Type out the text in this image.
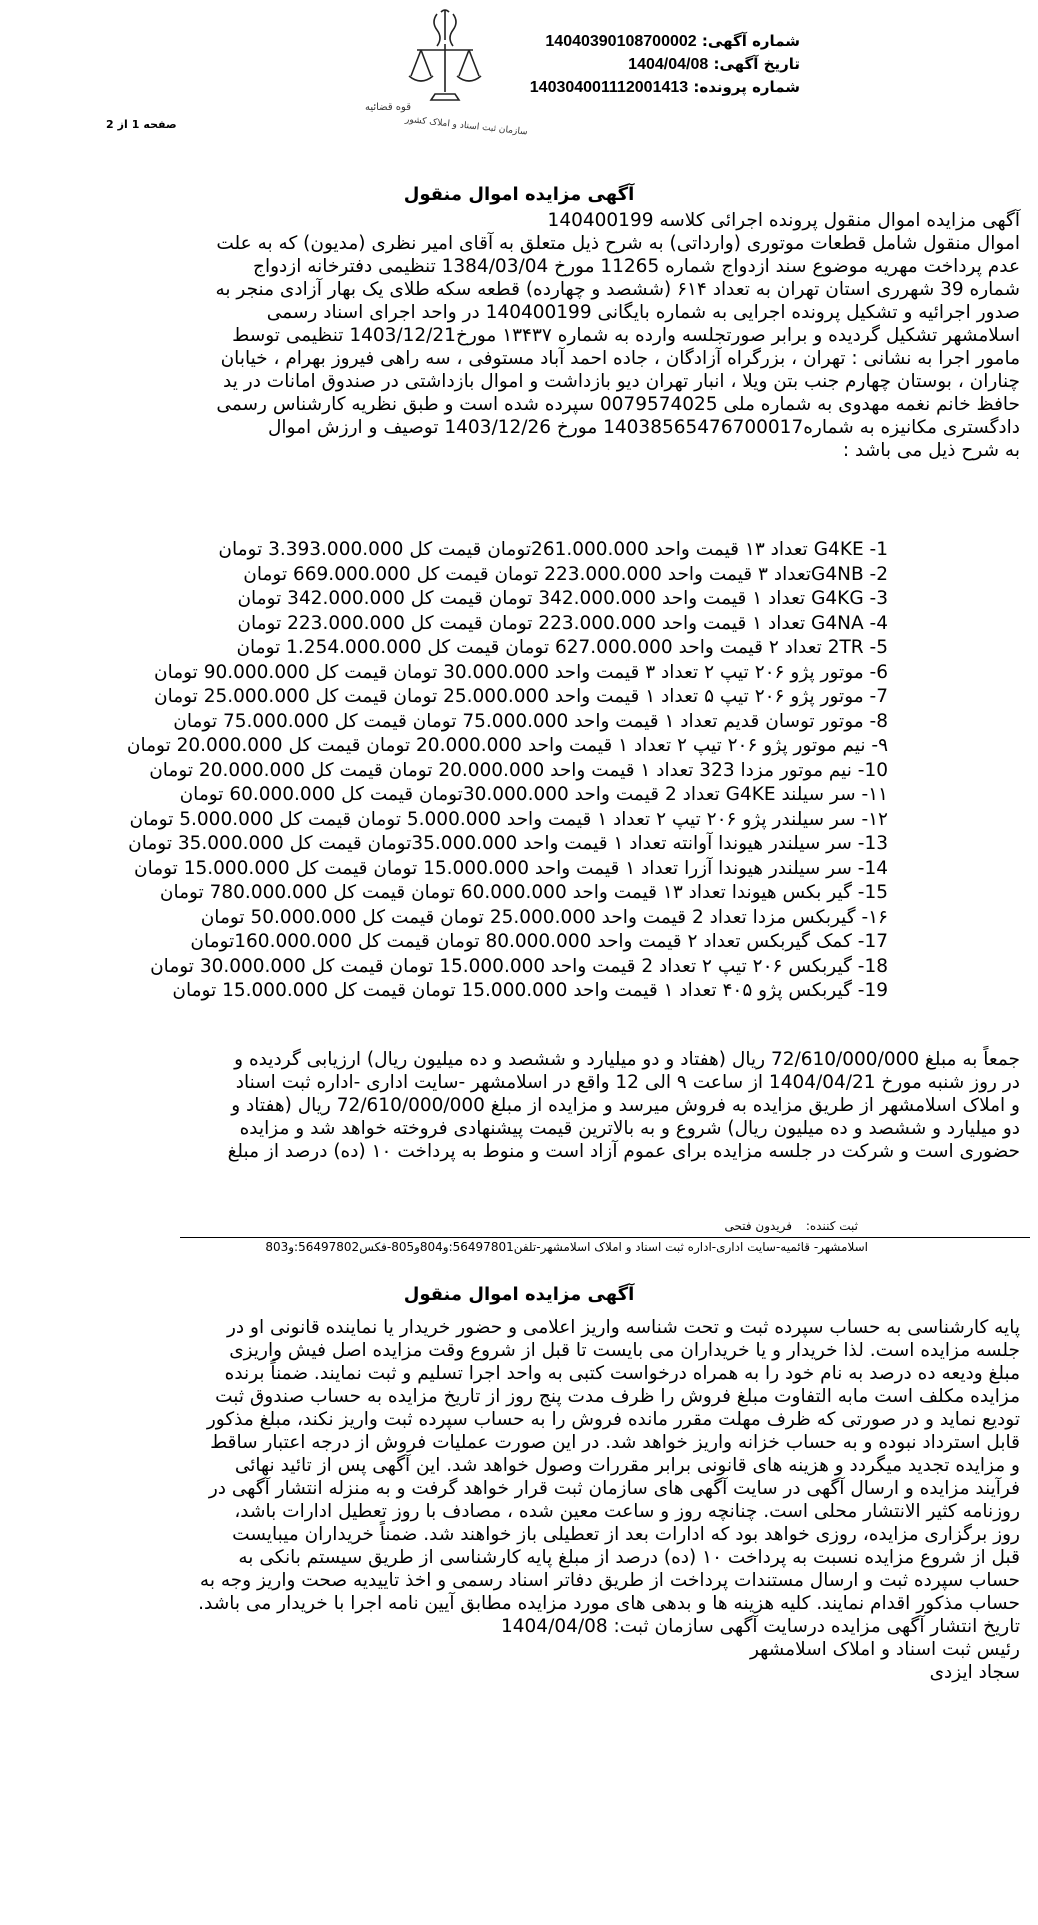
شماره آگهی: 14040390108700002
تاریخ آگهی: 1404/04/08
شماره پرونده: 140304001112001413
قوه قضائیه
سازمان ثبت اسناد و املاک کشور
صفحه1از2
آگهی مزایده اموال منقول
آگهی مزایده اموال منقول پرونده اجرائی کلاسه 140400199
اموال منقول شامل قطعات موتوری (وارداتی) به شرح ذیل متعلق به آقای امیر نظری (مدیون) که به علت
عدم پرداخت مهریه موضوع سند ازدواج شماره 11265 مورخ 1384/03/04 تنظیمی دفترخانه ازدواج
شماره 39 شهرری استان تهران به تعداد ۶۱۴ (ششصد و چهارده) قطعه سکه طلای یک بهار آزادی منجر به
صدور اجرائیه و تشکیل پرونده اجرایی به شماره بایگانی 140400199 در واحد اجرای اسناد رسمی
اسلامشهر تشکیل گردیده و برابر صورتجلسه وارده به شماره ۱۳۴۳۷ مورخ1403/12/21 تنظیمی توسط
مامور اجرا به نشانی : تهران ، بزرگراه آزادگان ، جاده احمد آباد مستوفی ، سه راهی فیروز بهرام ، خیابان
چناران ، بوستان چهارم جنب بتن ویلا ، انبار تهران دیو بازداشت و اموال بازداشتی در صندوق امانات در ید
حافظ خانم نغمه مهدوی به شماره ملی 0079574025 سپرده شده است و طبق نظریه کارشناس رسمی
دادگستری مکانیزه به شماره14038565476700017 مورخ 1403/12/26 توصیف و ارزش اموال
به شرح ذیل می باشد :
1- G4KE تعداد ۱۳ قیمت واحد 261.000.000تومان قیمت کل 3.393.000.000 تومان
2- G4NBتعداد ۳ قیمت واحد 223.000.000 تومان قیمت کل 669.000.000 تومان
3- G4KG تعداد ۱ قیمت واحد 342.000.000 تومان قیمت کل 342.000.000 تومان
4- G4NA تعداد ۱ قیمت واحد 223.000.000 تومان قیمت کل 223.000.000 تومان
5- 2TR تعداد ۲ قیمت واحد 627.000.000 تومان قیمت کل 1.254.000.000 تومان
6- موتور پژو ۲۰۶ تیپ ۲ تعداد ۳ قیمت واحد 30.000.000 تومان قیمت کل 90.000.000 تومان
7- موتور پژو ۲۰۶ تیپ ۵ تعداد ۱ قیمت واحد 25.000.000 تومان قیمت کل 25.000.000 تومان
8- موتور توسان قدیم تعداد ۱ قیمت واحد 75.000.000 تومان قیمت کل 75.000.000 تومان
۹- نیم موتور پژو ۲۰۶ تیپ ۲ تعداد ۱ قیمت واحد 20.000.000 تومان قیمت کل 20.000.000 تومان
10- نیم موتور مزدا 323 تعداد ۱ قیمت واحد 20.000.000 تومان قیمت کل 20.000.000 تومان
۱۱- سر سیلند G4KE تعداد 2 قیمت واحد 30.000.000تومان قیمت کل 60.000.000 تومان
۱۲- سر سیلندر پژو ۲۰۶ تیپ ۲ تعداد ۱ قیمت واحد 5.000.000 تومان قیمت کل 5.000.000 تومان
13- سر سیلندر هیوندا آوانته تعداد ۱ قیمت واحد 35.000.000تومان قیمت کل 35.000.000 تومان
14- سر سیلندر هیوندا آزرا تعداد ۱ قیمت واحد 15.000.000 تومان قیمت کل 15.000.000 تومان
15- گیر بکس هیوندا تعداد ۱۳ قیمت واحد 60.000.000 تومان قیمت کل 780.000.000 تومان
۱۶- گیربکس مزدا تعداد 2 قیمت واحد 25.000.000 تومان قیمت کل 50.000.000 تومان
17- کمک گیربکس تعداد ۲ قیمت واحد 80.000.000 تومان قیمت کل 160.000.000تومان
18- گیربکس ۲۰۶ تیپ ۲ تعداد 2 قیمت واحد 15.000.000 تومان قیمت کل 30.000.000 تومان
19- گیربکس پژو ۴۰۵ تعداد ۱ قیمت واحد 15.000.000 تومان قیمت کل 15.000.000 تومان
جمعاً به مبلغ 72/610/000/000 ریال (هفتاد و دو میلیارد و ششصد و ده میلیون ریال) ارزیابی گردیده و
در روز شنبه مورخ 1404/04/21 از ساعت ۹ الی 12 واقع در اسلامشهر -سایت اداری -اداره ثبت اسناد
و املاک اسلامشهر از طریق مزایده به فروش میرسد و مزایده از مبلغ 72/610/000/000 ریال (هفتاد و
دو میلیارد و ششصد و ده میلیون ریال) شروع و به بالاترین قیمت پیشنهادی فروخته خواهد شد و مزایده
حضوری است و شرکت در جلسه مزایده برای عموم آزاد است و منوط به پرداخت ۱۰ (ده) درصد از مبلغ
ثبت کننده: فریدون فتحی
اسلامشهر- قائمیه-سایت اداری-اداره ثبت اسناد و املاک اسلامشهر-تلفن56497801:و804و805-فکس56497802:و803
آگهی مزایده اموال منقول
پایه کارشناسی به حساب سپرده ثبت و تحت شناسه واریز اعلامی و حضور خریدار یا نماینده قانونی او در
جلسه مزایده است. لذا خریدار و یا خریداران می بایست تا قبل از شروع وقت مزایده اصل فیش واریزی
مبلغ ودیعه ده درصد به نام خود را به همراه درخواست کتبی به واحد اجرا تسلیم و ثبت نمایند. ضمناً برنده
مزایده مکلف است مابه التفاوت مبلغ فروش را ظرف مدت پنج روز از تاریخ مزایده به حساب صندوق ثبت
تودیع نماید و در صورتی که ظرف مهلت مقرر مانده فروش را به حساب سپرده ثبت واریز نکند، مبلغ مذکور
قابل استرداد نبوده و به حساب خزانه واریز خواهد شد. در این صورت عملیات فروش از درجه اعتبار ساقط
و مزایده تجدید میگردد و هزینه های قانونی برابر مقررات وصول خواهد شد. این آگهی پس از تائید نهائی
فرآیند مزایده و ارسال آگهی در سایت آگهی های سازمان ثبت قرار خواهد گرفت و به منزله انتشار آگهی در
روزنامه کثیر الانتشار محلی است. چنانچه روز و ساعت معین شده ، مصادف با روز تعطیل ادارات باشد،
روز برگزاری مزایده، روزی خواهد بود که ادارات بعد از تعطیلی باز خواهند شد. ضمناً خریداران میبایست
قبل از شروع مزایده نسبت به پرداخت ۱۰ (ده) درصد از مبلغ پایه کارشناسی از طریق سیستم بانکی به
حساب سپرده ثبت و ارسال مستندات پرداخت از طریق دفاتر اسناد رسمی و اخذ تاییدیه صحت واریز وجه به
حساب مذکور اقدام نمایند. کلیه هزینه ها و بدهی های مورد مزایده مطابق آیین نامه اجرا با خریدار می باشد.
تاریخ انتشار آگهی مزایده درسایت آگهی سازمان ثبت: 1404/04/08
رئیس ثبت اسناد و املاک اسلامشهر
سجاد ایزدی
